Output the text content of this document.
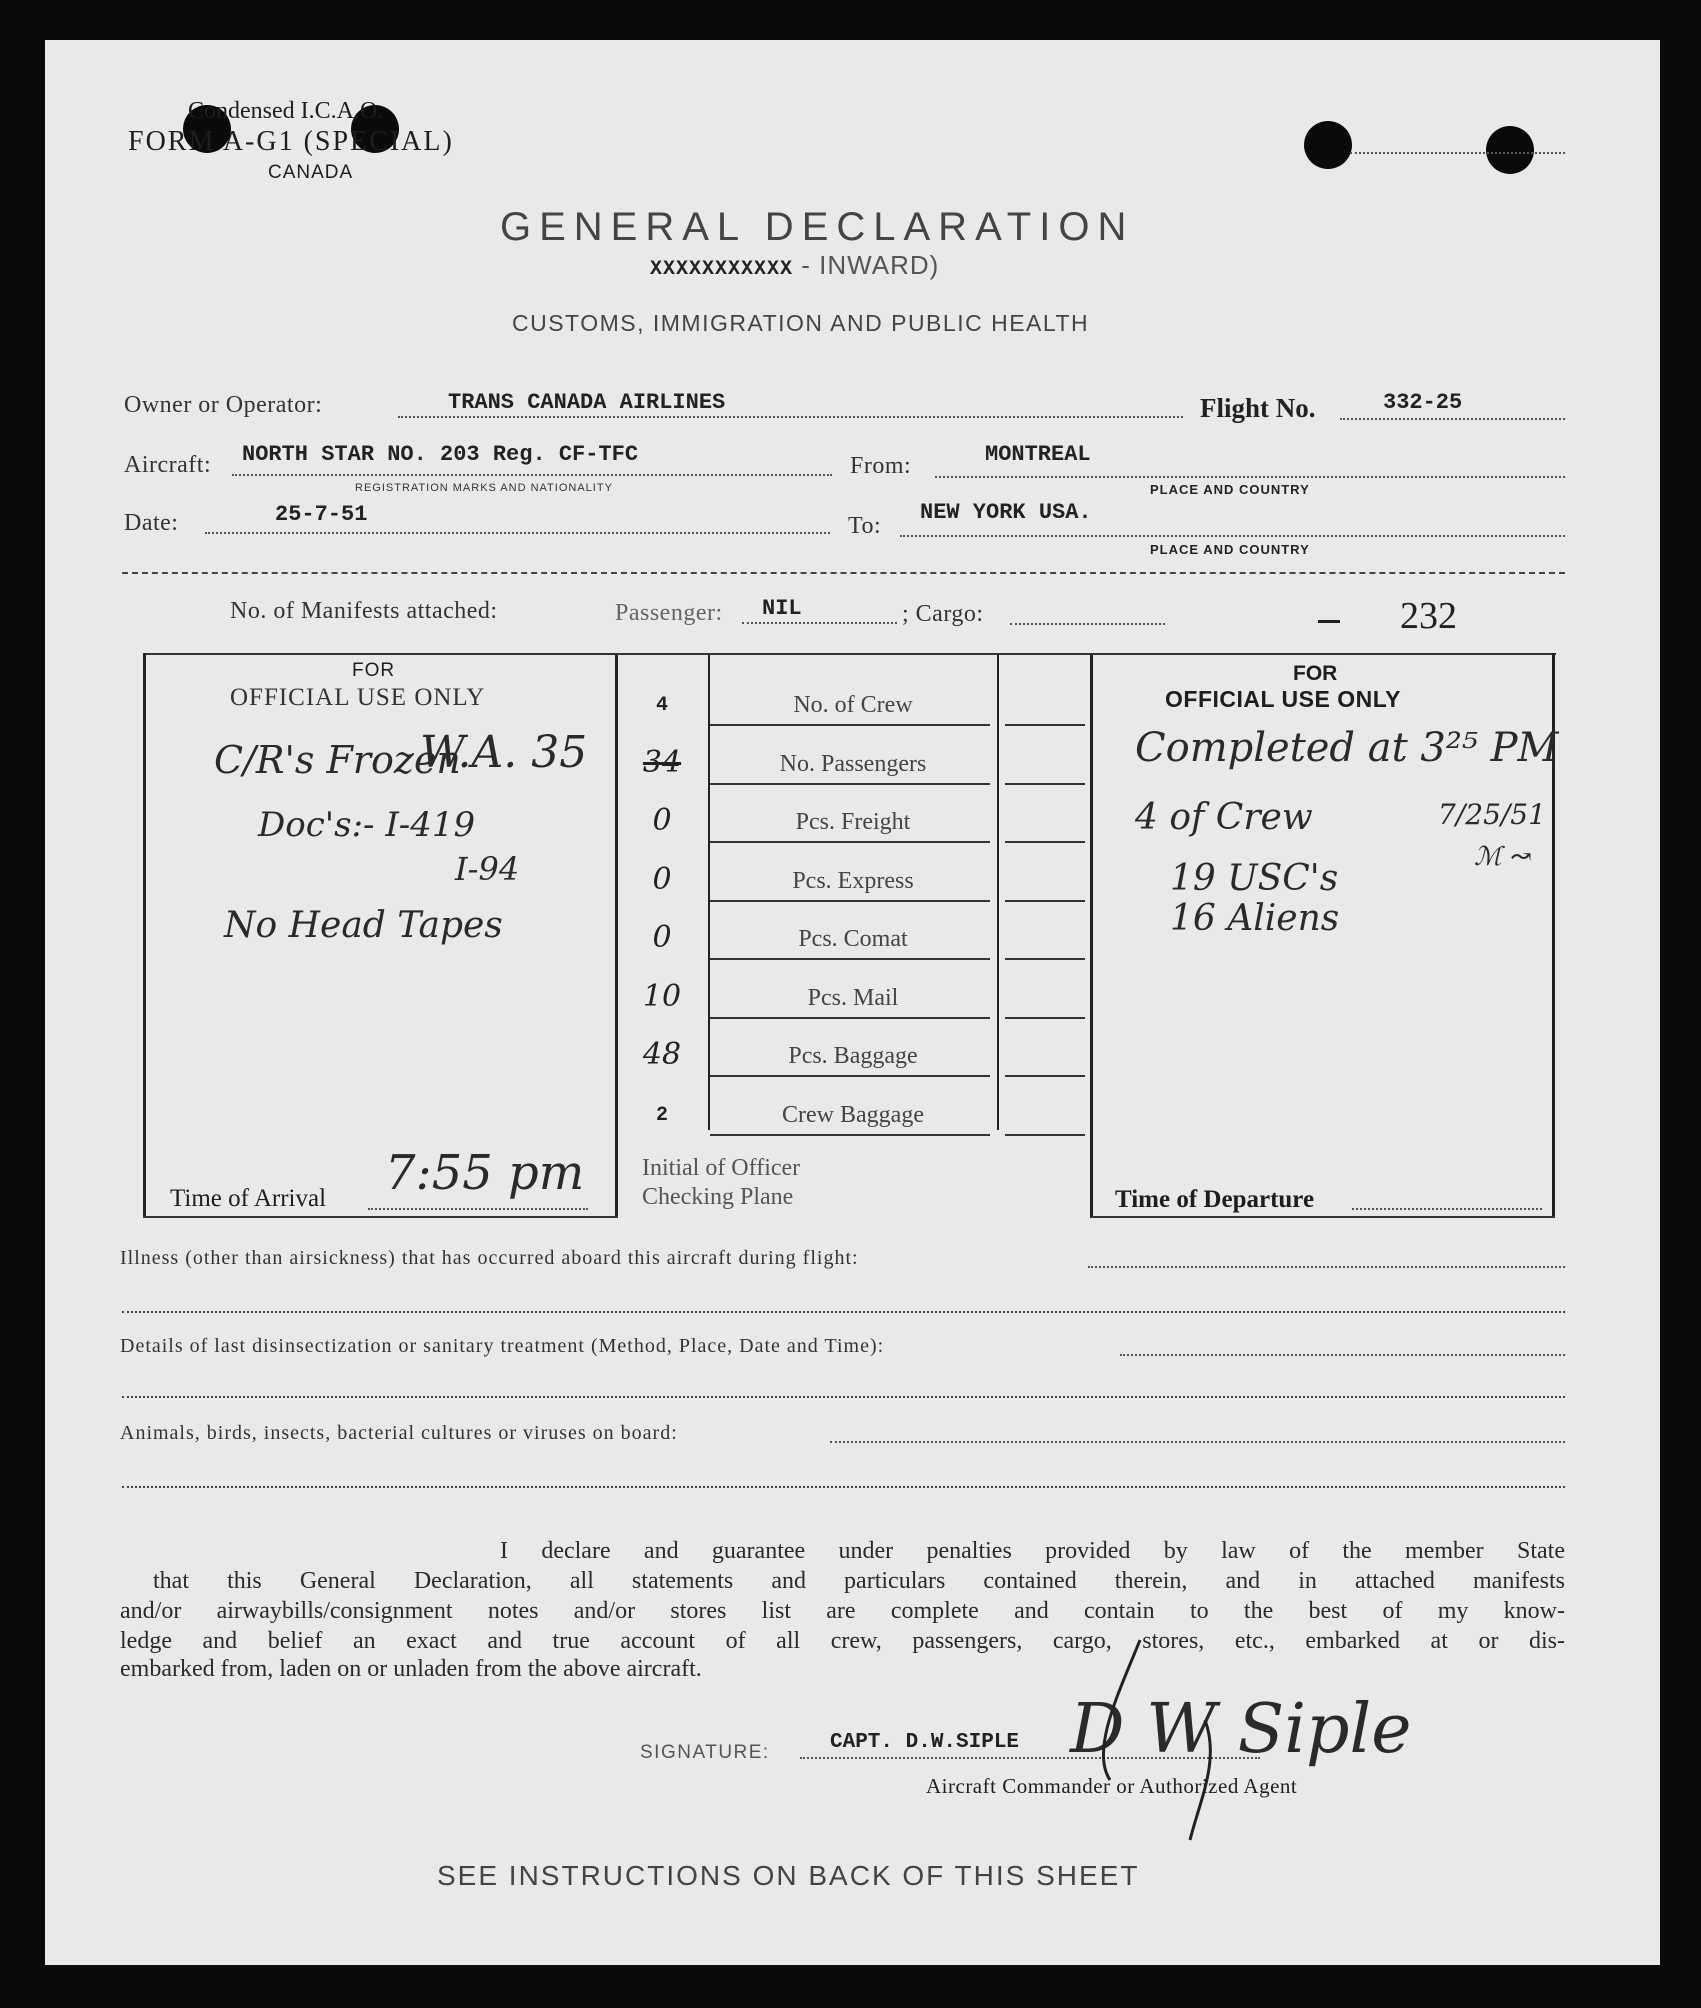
Condensed I.C.A.O.
FORM A-G1 (SPECIAL)
CANADA
GENERAL DECLARATION
XXXXXXXXXXX - INWARD)
CUSTOMS, IMMIGRATION AND PUBLIC HEALTH
Owner or Operator:	TRANS CANADA AIRLINES	Flight No.	332-25
Aircraft: NORTH STAR NO. 203 Reg. CF-TFC
REGISTRATION MARKS AND NATIONALITY
From:	MONTREAL
PLACE AND COUNTRY
Date:	25-7-51	To:
NEW YORK USA.
PLACE AND COUNTRY
No. of Manifests attached:	Passenger: NIL	; Cargo:	232
FOR
OFFICIAL USE ONLY
C/R's Frozen
Doc's:- I-419
I-94
No Head Tapes
Time of Arrival 7:55 pm
4	No. of Crew
34	No. Passengers
W.A. 35
0	Pcs. Freight
0	Pcs. Express
0	Pcs. Comat
10	Pcs. Mail
48	Pcs. Baggage
2	Crew Baggage
Initial of Officer
Checking Plane
FOR
OFFICIAL USE ONLY
Completed at 3²⁵ PM
4 of Crew
19 USC's
16 Aliens
7/25/51
ℳ ↝
Time of Departure
Illness (other than airsickness) that has occurred aboard this aircraft during flight:
Details of last disinsectization or sanitary treatment (Method, Place, Date and Time):
Animals, birds, insects, bacterial cultures or viruses on board:
I declare and guarantee under penalties provided by law of the member State
that this General Declaration, all statements and particulars contained therein, and in attached manifests
and/or airwaybills/consignment notes and/or stores list are complete and contain to the best of my know-
ledge and belief an exact and true account of all crew, passengers, cargo, stores, etc., embarked at or dis-
embarked from, laden on or unladen from the above aircraft.
SIGNATURE:	CAPT. D.W.SIPLE D W Siple
Aircraft Commander or Authorized Agent
SEE INSTRUCTIONS ON BACK OF THIS SHEET
